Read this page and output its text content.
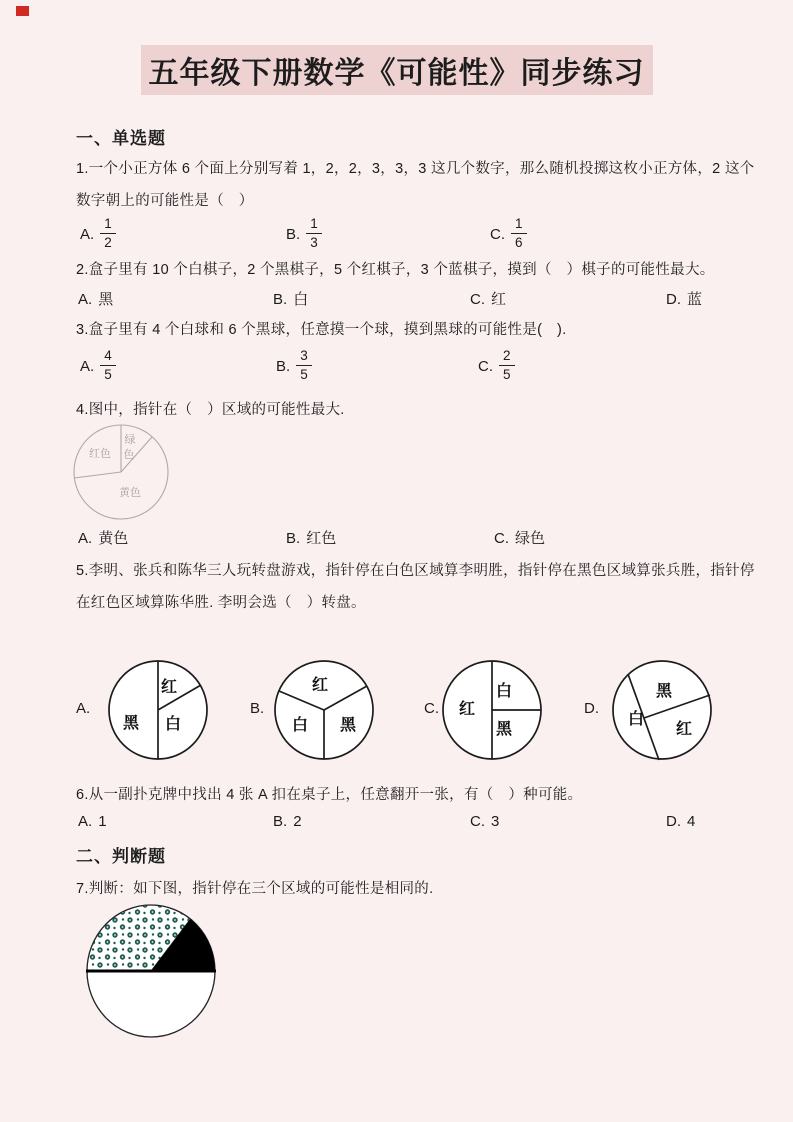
五年级下册数学《可能性》同步练习
一、单选题
1.一个小正方体 6 个面上分别写着 1，2，2，3，3，3 这几个数字，那么随机投掷这枚小正方体，2 这个
数字朝上的可能性是（　）
A. $\frac{1}{2}$	B. $\frac{1}{3}$	C. $\frac{1}{6}$
2.盒子里有 10 个白棋子，2 个黑棋子，5 个红棋子，3 个蓝棋子，摸到（　）棋子的可能性最大。
A. 黑	B. 白	C. 红	D. 蓝
3.盒子里有 4 个白球和 6 个黑球，任意摸一个球，摸到黑球的可能性是(　).
A. $\frac{4}{5}$	B. $\frac{3}{5}$	C. $\frac{2}{5}$
4.图中，指针在（　）区域的可能性最大.
红色
绿
色
黄色
A. 黄色	B. 红色	C. 绿色
5.李明、张兵和陈华三人玩转盘游戏，指针停在白色区域算李明胜，指针停在黑色区域算张兵胜，指针停
在红色区域算陈华胜. 李明会选（　）转盘。
A.
黑
红
白
B.
红
白 黑
C. 红
白
黑
D.
白
黑
红
6.从一副扑克牌中找出 4 张 A 扣在桌子上，任意翻开一张，有（　）种可能。
A. 1	B. 2	C. 3	D. 4
二、判断题
7.判断：如下图，指针停在三个区域的可能性是相同的.
